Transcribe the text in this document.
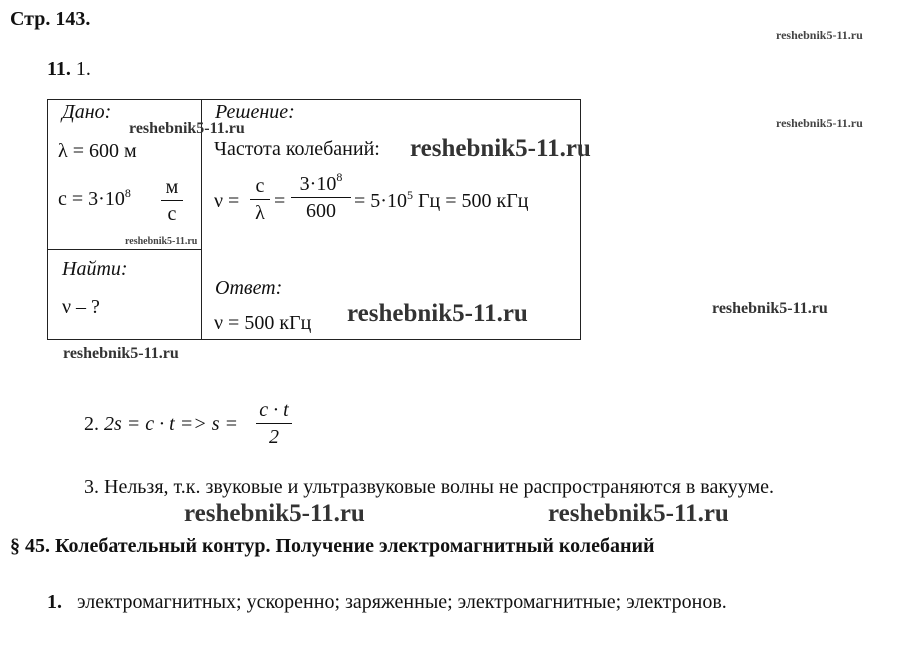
Стр. 143.
reshebnik5-11.ru
11. 1.
Дано:
reshebnik5-11.ru
λ = 600 м
$c = 3\cdot 10^8$ м
с
reshebnik5-11.ru
Найти:
ν – ?
Решение:
Частота колебаний: reshebnik5-11.ru
ν =
c
λ
=
$3\cdot 10^8$
$600 = 5\cdot 10^5$ Гц = 500 кГц
Ответ:
ν = 500 кГц reshebnik5-11.ru	reshebnik5-11.ru
reshebnik5-11.ru
reshebnik5-11.ru
2. 2s = c · t => s =
c · t
2
3. Нельзя, т.к. звуковые и ультразвуковые волны не распространяются в вакууме.
reshebnik5-11.ru	reshebnik5-11.ru
§ 45. Колебательный контур. Получение электромагнитный колебаний
1. электромагнитных; ускоренно; заряженные; электромагнитные; электронов.
